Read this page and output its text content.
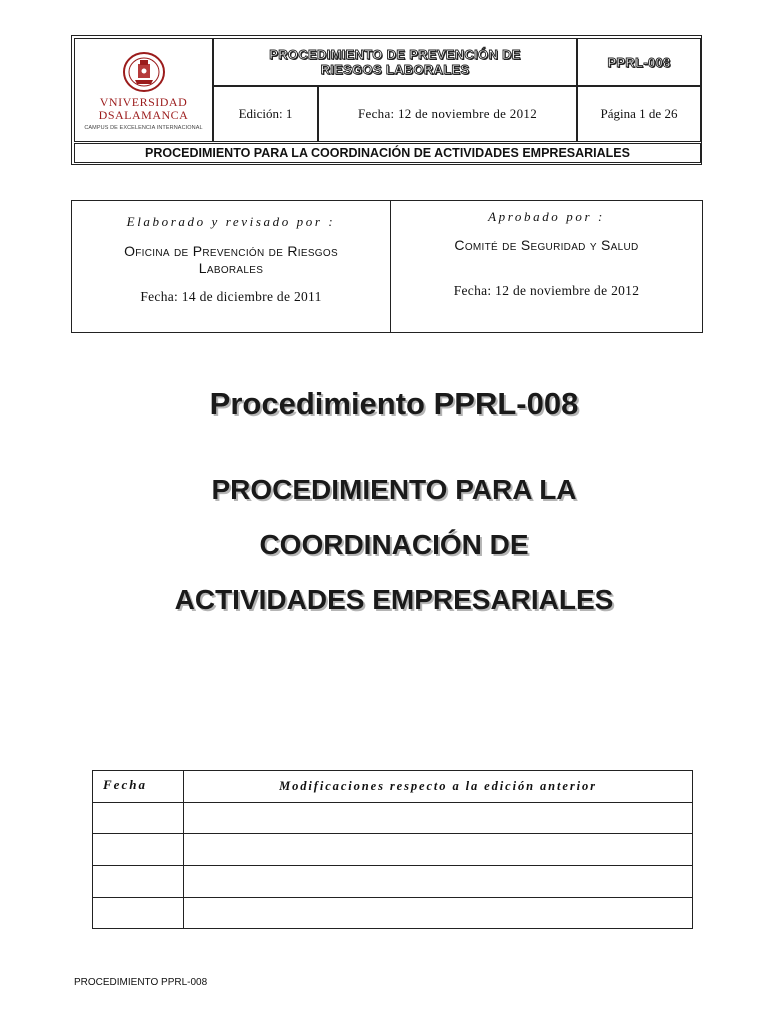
VNIVERSIDAD
DSALAMANCA
CAMPUS DE EXCELENCIA INTERNACIONAL
PROCEDIMIENTO DE PREVENCIÓN DE
RIESGOS LABORALES	PPRL-008
Edición: 1	Fecha: 12 de noviembre de 2012	Página 1 de 26
PROCEDIMIENTO PARA LA COORDINACIÓN DE ACTIVIDADES EMPRESARIALES
Elaborado y revisado por :
Oficina de Prevención de Riesgos
Laborales
Fecha: 14 de diciembre de 2011
Aprobado por :
Comité de Seguridad y Salud
Fecha: 12 de noviembre de 2012
Procedimiento PPRL-008
PROCEDIMIENTO PARA LA
COORDINACIÓN DE
ACTIVIDADES EMPRESARIALES
Fecha	Modificaciones respecto a la edición anterior
PROCEDIMIENTO PPRL-008
